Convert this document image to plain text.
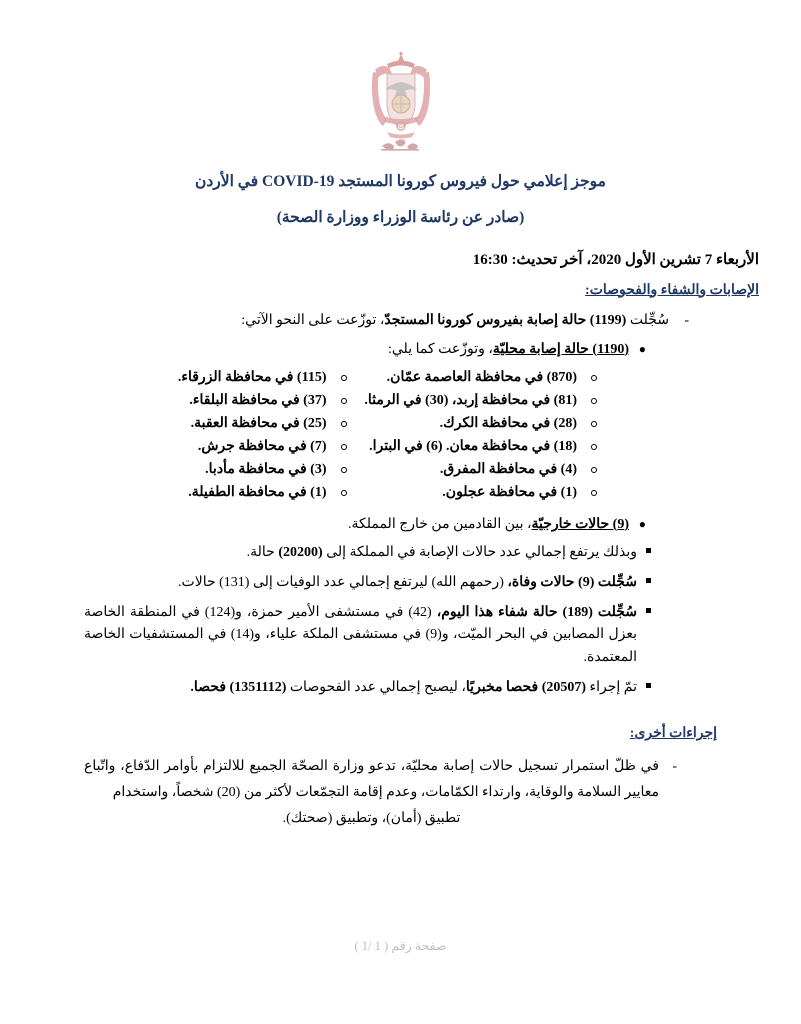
موجز إعلامي حول فيروس كورونا المستجد COVID-19 في الأردن
(صادر عن رئاسة الوزراء ووزارة الصحة)
الأربعاء 7 تشرين الأول 2020، آخر تحديث: 16:30
الإصابات والشفاء والفحوصات:
-
سُجِّلت (1199) حالة إصابة بفيروس كورونا المستجدّ، توزّعت على النحو الآتي:
●
(1190) حالة إصابة محليّة، وتوزّعت كما يلي:
(870) في محافظة العاصمة عمّان.
(115) في محافظة الزرقاء.
(81) في محافظة إربد، (30) في الرمثا.
(37) في محافظة البلقاء.
(28) في محافظة الكرك.
(25) في محافظة العقبة.
(18) في محافظة معان. (6) في البترا.
(7) في محافظة جرش.
(4) في محافظة المفرق.
(3) في محافظة مأدبا.
(1) في محافظة عجلون.
(1) في محافظة الطفيلة.
●
(9) حالات خارجيّة، بين القادمين من خارج المملكة.
وبذلك يرتفع إجمالي عدد حالات الإصابة في المملكة إلى (20200) حالة.
سُجِّلت (9) حالات وفاة، (رحمهم الله) ليرتفع إجمالي عدد الوفيات إلى (131) حالات.
سُجِّلت (189) حالة شفاء هذا اليوم، (42) في مستشفى الأمير حمزة، و(124) في المنطقة الخاصة بعزل المصابين في البحر الميّت، و(9) في مستشفى الملكة علياء، و(14) في المستشفيات الخاصة المعتمدة.
تمّ إجراء (20507) فحصا مخبريًا، ليصبح إجمالي عدد الفحوصات (1351112) فحصا.
إجراءات أخرى:
-
في ظلّ استمرار تسجيل حالات إصابة محليّة، تدعو وزارة الصحّة الجميع للالتزام بأوامر الدّفاع، واتّباع معايير السلامة والوقاية، وارتداء الكمّامات، وعدم إقامة التجمّعات لأكثر من (20) شخصاً، واستخدام
تطبيق (أمان)، وتطبيق (صحتك).
صفحة رقم ( 1 /1 )
